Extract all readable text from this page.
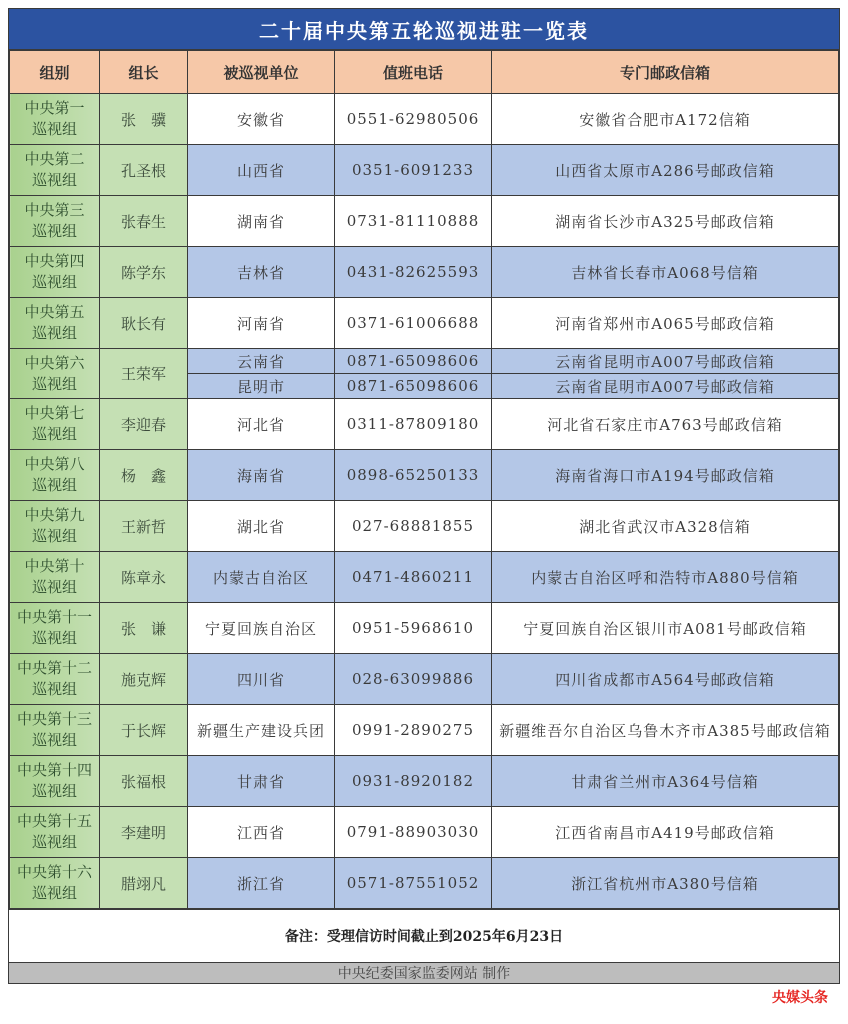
二十届中央第五轮巡视进驻一览表
组别	组长	被巡视单位	值班电话	专门邮政信箱

中央第一
巡视组	张　骥	安徽省	0551-62980506	安徽省合肥市A172信箱

中央第二
巡视组	孔圣根	山西省	0351-6091233	山西省太原市A286号邮政信箱

中央第三
巡视组	张春生	湖南省	0731-81110888	湖南省长沙市A325号邮政信箱

中央第四
巡视组	陈学东	吉林省	0431-82625593	吉林省长春市A068号信箱

中央第五
巡视组	耿长有	河南省	0371-61006688	河南省郑州市A065号邮政信箱

中央第六
巡视组	王荣军	云南省	0871-65098606	云南省昆明市A007号邮政信箱
		昆明市	0871-65098606	云南省昆明市A007号邮政信箱

中央第七
巡视组	李迎春	河北省	0311-87809180	河北省石家庄市A763号邮政信箱

中央第八
巡视组	杨　鑫	海南省	0898-65250133	海南省海口市A194号邮政信箱

中央第九
巡视组	王新哲	湖北省	027-68881855	湖北省武汉市A328信箱

中央第十
巡视组	陈章永	内蒙古自治区	0471-4860211	内蒙古自治区呼和浩特市A880号信箱

中央第十一
巡视组	张　谦	宁夏回族自治区	0951-5968610	宁夏回族自治区银川市A081号邮政信箱

中央第十二
巡视组	施克辉	四川省	028-63099886	四川省成都市A564号邮政信箱

中央第十三
巡视组	于长辉	新疆生产建设兵团	0991-2890275	新疆维吾尔自治区乌鲁木齐市A385号邮政信箱

中央第十四
巡视组	张福根	甘肃省	0931-8920182	甘肃省兰州市A364号信箱

中央第十五
巡视组	李建明	江西省	0791-88903030	江西省南昌市A419号邮政信箱

中央第十六
巡视组	腊翊凡	浙江省	0571-87551052	浙江省杭州市A380号信箱
备注：受理信访时间截止到2025年6月23日
中央纪委国家监委网站 制作
央媒头条
